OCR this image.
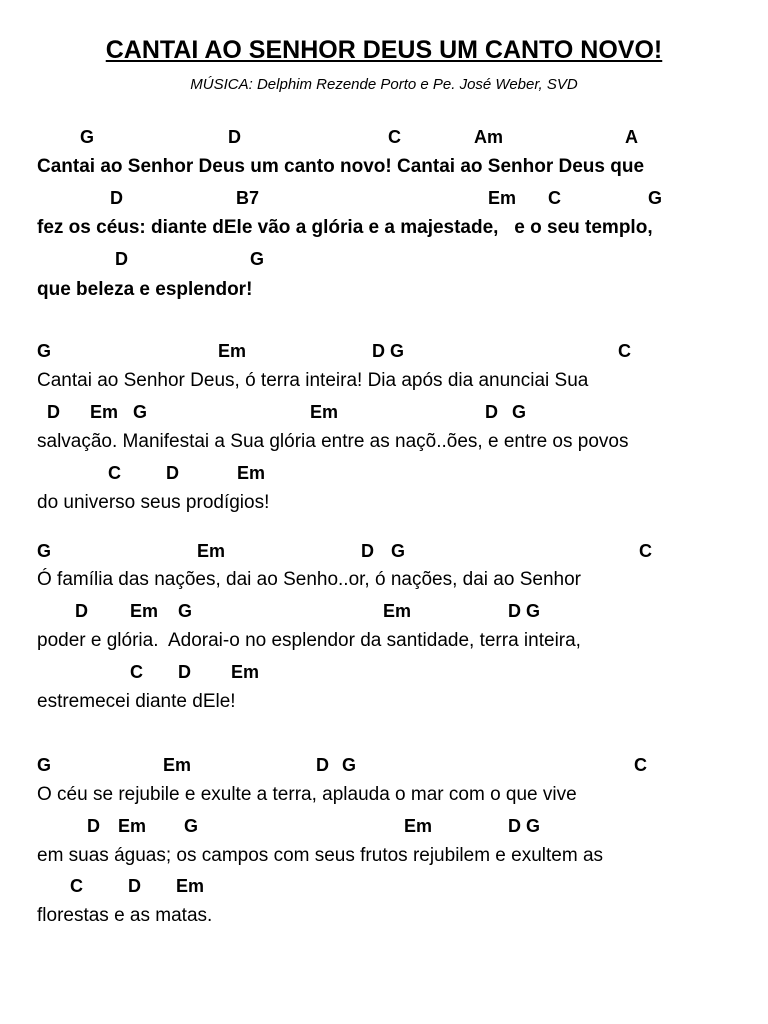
CANTAI AO SENHOR DEUS UM CANTO NOVO!
MÚSICA: Delphim Rezende Porto e Pe. José Weber, SVD
G	D	C	Am	A
Cantai ao Senhor Deus um canto novo! Cantai ao Senhor Deus que
D	B7	Em C	G
fez os céus: diante dEle vão a glória e a majestade,   e o seu templo,
D	G
que beleza e esplendor!
G	Em	D G	C
Cantai ao Senhor Deus, ó terra inteira! Dia após dia anunciai Sua
D Em G	Em	D G
salvação. Manifestai a Sua glória entre as naçõ..ões, e entre os povos
C	D	Em
do universo seus prodígios!
G	Em	D G	C
Ó família das nações, dai ao Senho..or, ó nações, dai ao Senhor
D Em G	Em	D G
poder e glória.  Adorai-o no esplendor da santidade, terra inteira,
C D Em
estremecei diante dEle!
G	Em	D G	C
O céu se rejubile e exulte a terra, aplauda o mar com o que vive
D Em G	Em	D G
em suas águas; os campos com seus frutos rejubilem e exultem as
C	D Em
florestas e as matas.
